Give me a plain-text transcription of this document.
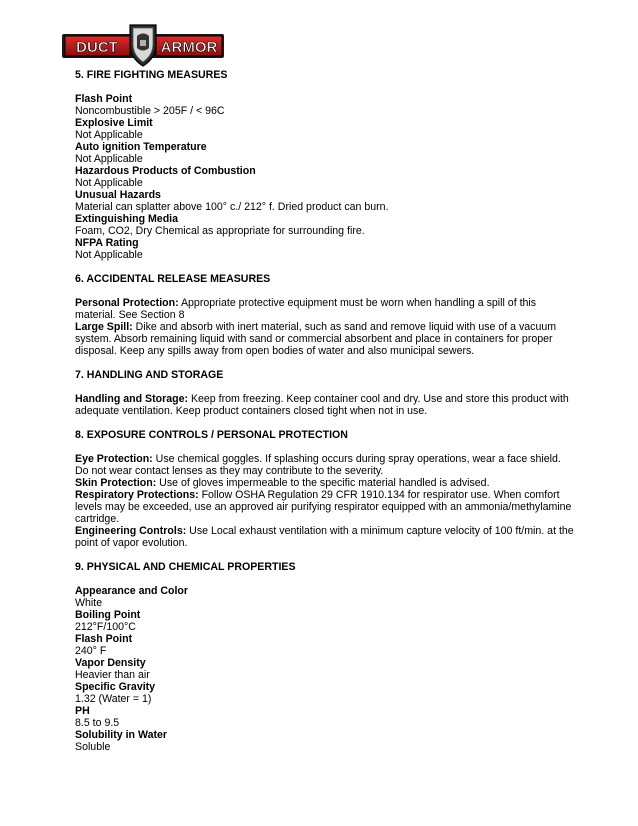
DUCT	ARMOR
5. FIRE FIGHTING MEASURES
Flash Point
Noncombustible > 205F / < 96C
Explosive Limit
Not Applicable
Auto ignition Temperature
Not Applicable
Hazardous Products of Combustion
Not Applicable
Unusual Hazards
Material can splatter above 100° c./ 212° f. Dried product can burn.
Extinguishing Media
Foam, CO2, Dry Chemical as appropriate for surrounding fire.
NFPA Rating
Not Applicable
6. ACCIDENTAL RELEASE MEASURES
Personal Protection: Appropriate protective equipment must be worn when handling a spill of this material. See Section 8
Large Spill: Dike and absorb with inert material, such as sand and remove liquid with use of a vacuum system. Absorb remaining liquid with sand or commercial absorbent and place in containers for proper disposal. Keep any spills away from open bodies of water and also municipal sewers.
7. HANDLING AND STORAGE
Handling and Storage: Keep from freezing. Keep container cool and dry. Use and store this product with adequate ventilation. Keep product containers closed tight when not in use.
8. EXPOSURE CONTROLS / PERSONAL PROTECTION
Eye Protection: Use chemical goggles. If splashing occurs during spray operations, wear a face shield. Do not wear contact lenses as they may contribute to the severity.
Skin Protection: Use of gloves impermeable to the specific material handled is advised.
Respiratory Protections: Follow OSHA Regulation 29 CFR 1910.134 for respirator use. When comfort levels may be exceeded, use an approved air purifying respirator equipped with an ammonia/methylamine cartridge.
Engineering Controls: Use Local exhaust ventilation with a minimum capture velocity of 100 ft/min. at the point of vapor evolution.
9. PHYSICAL AND CHEMICAL PROPERTIES
Appearance and Color
White
Boiling Point
212°F/100°C
Flash Point
240° F
Vapor Density
Heavier than air
Specific Gravity
1.32 (Water = 1)
PH
8.5 to 9.5
Solubility in Water
Soluble
